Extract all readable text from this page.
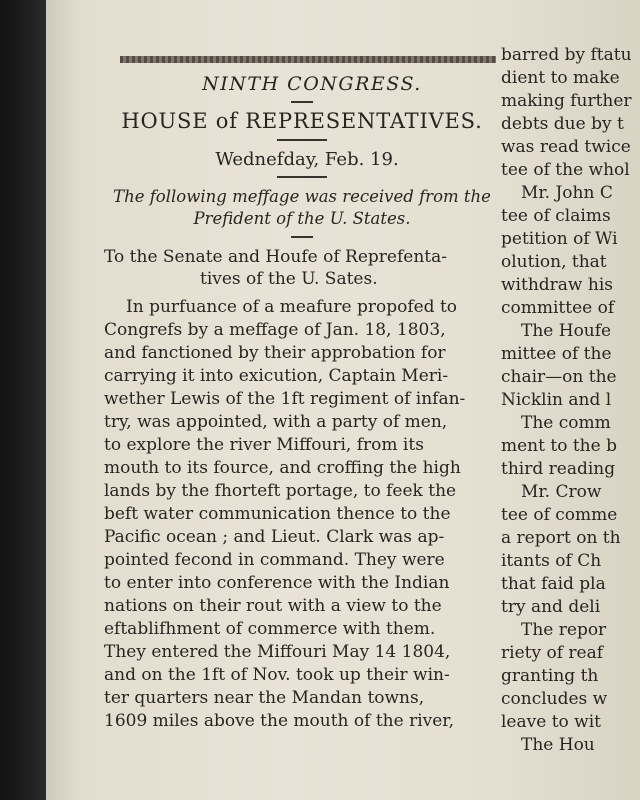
NINTH CONGRESS.
HOUSE of REPRESENTATIVES.
Wednefday, Feb. 19.
The following meffage was received from the
Prefident of the U. States.
To the Senate and Houfe of Reprefenta-
tives of the U. Sates.
In purfuance of a meafure propofed to
Congrefs by a meffage of Jan. 18, 1803,
and fanctioned by their approbation for
carrying it into exicution, Captain Meri-
wether Lewis of the 1ft regiment of infan-
try, was appointed, with a party of men,
to explore the river Miffouri, from its
mouth to its fource, and croffing the high
lands by the fhorteft portage, to feek the
beft water communication thence to the
Pacific ocean ; and Lieut. Clark was ap-
pointed fecond in command. They were
to enter into conference with the Indian
nations on their rout with a view to the
eftablifhment of commerce with them.
They entered the Miffouri May 14 1804,
and on the 1ft of Nov. took up their win-
ter quarters near the Mandan towns,
1609 miles above the mouth of the river,
barred by ftatu
dient to make
making further
debts due by t
was read twice
tee of the whol
Mr. John C
tee of claims
petition of Wi
olution, that
withdraw his
committee of
The Houfe
mittee of the
chair—on the
Nicklin and l
The comm
ment to the b
third reading
Mr. Crow
tee of comme
a report on th
itants of Ch
that faid pla
try and deli
The repor
riety of reaf
granting th
concludes w
leave to wit
The Hou
